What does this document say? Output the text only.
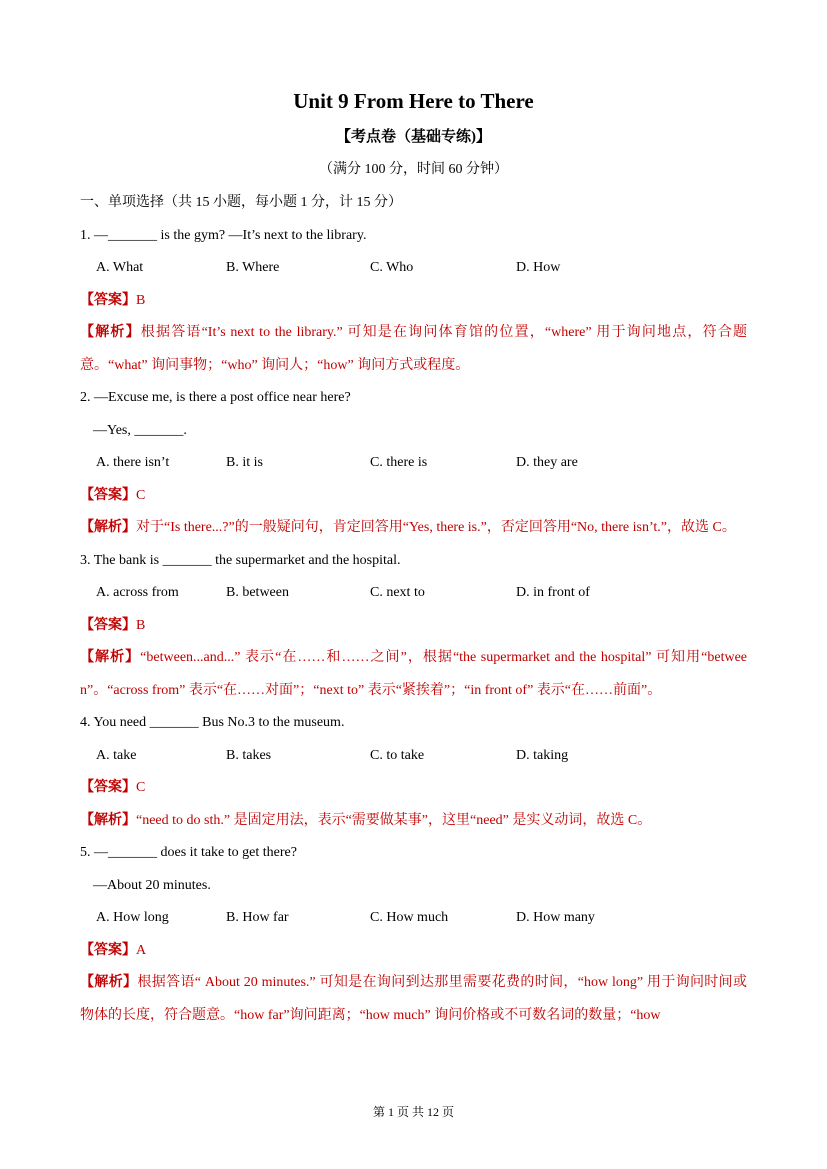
Unit 9 From Here to There
【考点卷（基础专练)】
（满分 100 分，时间 60 分钟）

一、单项选择（共 15 小题，每小题 1 分，计 15 分）

1. —_______ is the gym? —It’s next to the library.

A. What	B. Where	C. Who	D. How

【答案】B

【解析】根据答语“It’s next to the library.” 可知是在询问体育馆的位置，“where” 用于询问地点，符合题意。“what” 询问事物；“who” 询问人；“how” 询问方式或程度。

2. —Excuse me, is there a post office near here?

—Yes, _______.

A. there isn’t	B. it is	C. there is	D. they are

【答案】C

【解析】对于“Is there...?”的一般疑问句，肯定回答用“Yes, there is.”，否定回答用“No, there isn’t.”，故选 C。

3. The bank is _______ the supermarket and the hospital.

A. across from	B. between	C. next to	D. in front of

【答案】B

【解析】“between...and...” 表示“在……和……之间”，根据“the supermarket and the hospital” 可知用“between”。“across from” 表示“在……对面”；“next to” 表示“紧挨着”；“in front of” 表示“在……前面”。

4. You need _______ Bus No.3 to the museum.

A. take	B. takes	C. to take	D. taking

【答案】C

【解析】“need to do sth.” 是固定用法，表示“需要做某事”，这里“need” 是实义动词，故选 C。

5. —_______ does it take to get there?

—About 20 minutes.

A. How long	B. How far	C. How much	D. How many

【答案】A

【解析】根据答语“ About 20 minutes.” 可知是在询问到达那里需要花费的时间，“how long” 用于询问时间或物体的长度，符合题意。“how far”询问距离；“how much” 询问价格或不可数名词的数量；“how

第 1 页 共 12 页
